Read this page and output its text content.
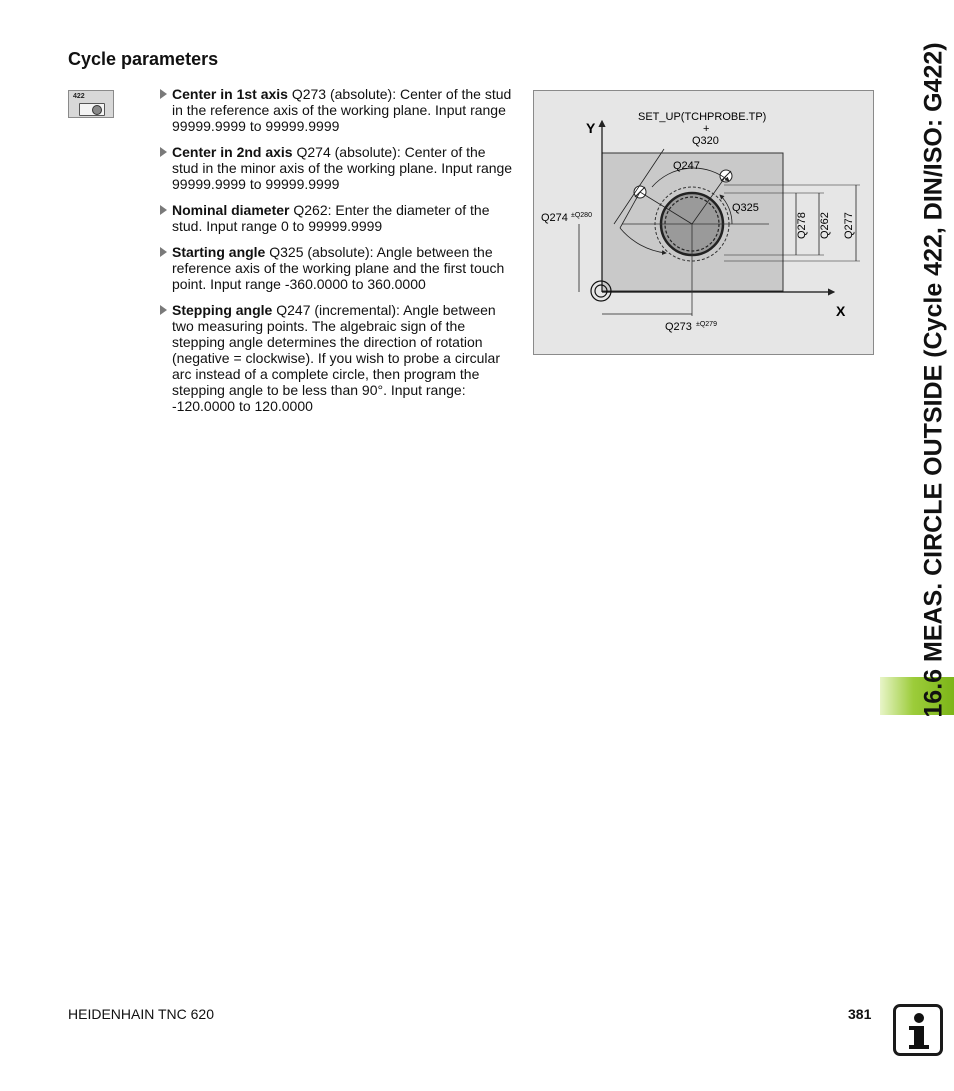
Cycle parameters
422	Center in 1st axis Q273 (absolute): Center of the stud in the reference axis of the working plane. Input range 99999.9999 to 99999.9999
Center in 2nd axis Q274 (absolute): Center of the stud in the minor axis of the working plane. Input range 99999.9999 to 99999.9999
Nominal diameter Q262: Enter the diameter of the stud. Input range 0 to 99999.9999
Starting angle Q325 (absolute): Angle between the reference axis of the working plane and the first touch point. Input range -360.0000 to 360.0000
Stepping angle Q247 (incremental): Angle between two measuring points. The algebraic sign of the stepping angle determines the direction of rotation (negative = clockwise). If you wish to probe a circular arc instead of a complete circle, then program the stepping angle to be less than 90°. Input range: -120.0000 to 120.0000
Y
X
SET_UP(TCHPROBE.TP)
+
Q320
Q247
Q325
Q274 ±Q280
Q273 ±Q279
Q278 Q262 Q277	16.6 MEAS. CIRCLE OUTSIDE (Cycle 422, DIN/ISO: G422)
HEIDENHAIN TNC 620	381
